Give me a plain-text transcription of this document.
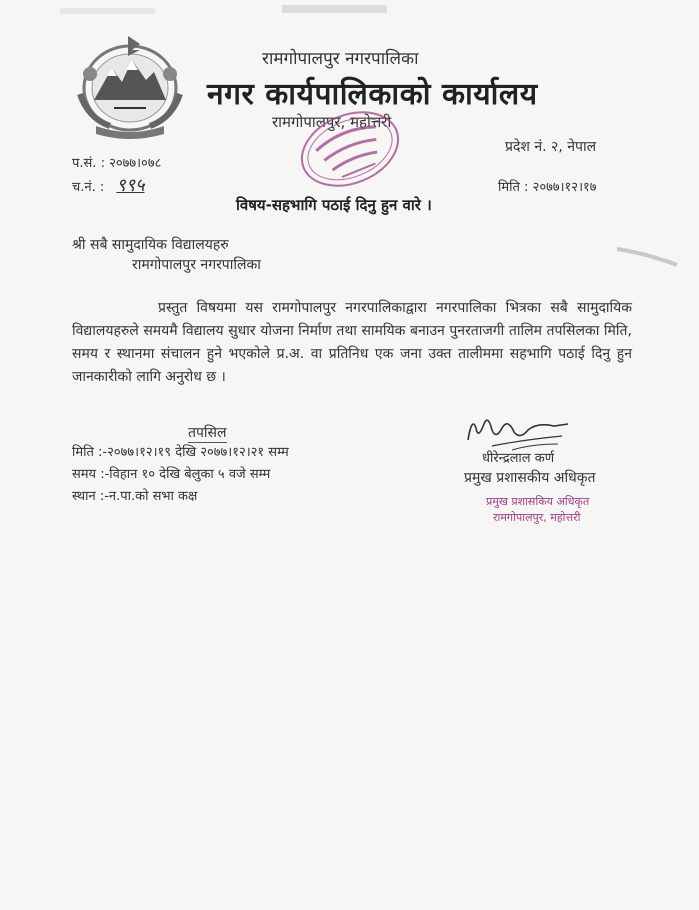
रामगोपालपुर नगरपालिका
नगर कार्यपालिकाको कार्यालय
रामगोपालपुर, महोत्तरी
प्रदेश नं. २, नेपाल
प.सं. : २०७७।०७८
च.नं. : ९९५	मिति : २०७७।१२।१७
विषय-सहभागि पठाई दिनु हुन वारे ।
श्री सबै सामुदायिक विद्यालयहरु
रामगोपालपुर नगरपालिका
प्रस्तुत विषयमा यस रामगोपालपुर नगरपालिकाद्वारा नगरपालिका भित्रका सबै सामुदायिक विद्यालयहरुले समयमै विद्यालय सुधार योजना निर्माण तथा सामयिक बनाउन पुनरताजगी तालिम तपसिलका मिति, समय र स्थानमा संचालन हुने भएकोले प्र.अ. वा प्रतिनिध एक जना उक्त तालीममा सहभागि पठाई दिनु हुन जानकारीको लागि अनुरोध छ ।
तपसिल
मिति :-२०७७।१२।१९ देखि २०७७।१२।२१ सम्म
समय :-विहान १० देखि बेलुका ५ वजे सम्म
स्थान :-न.पा.को सभा कक्ष
धीरेन्द्रलाल कर्ण
प्रमुख प्रशासकीय अधिकृत
प्रमुख प्रशासकिय अधिकृत
रामगोपालपुर, महोत्तरी
